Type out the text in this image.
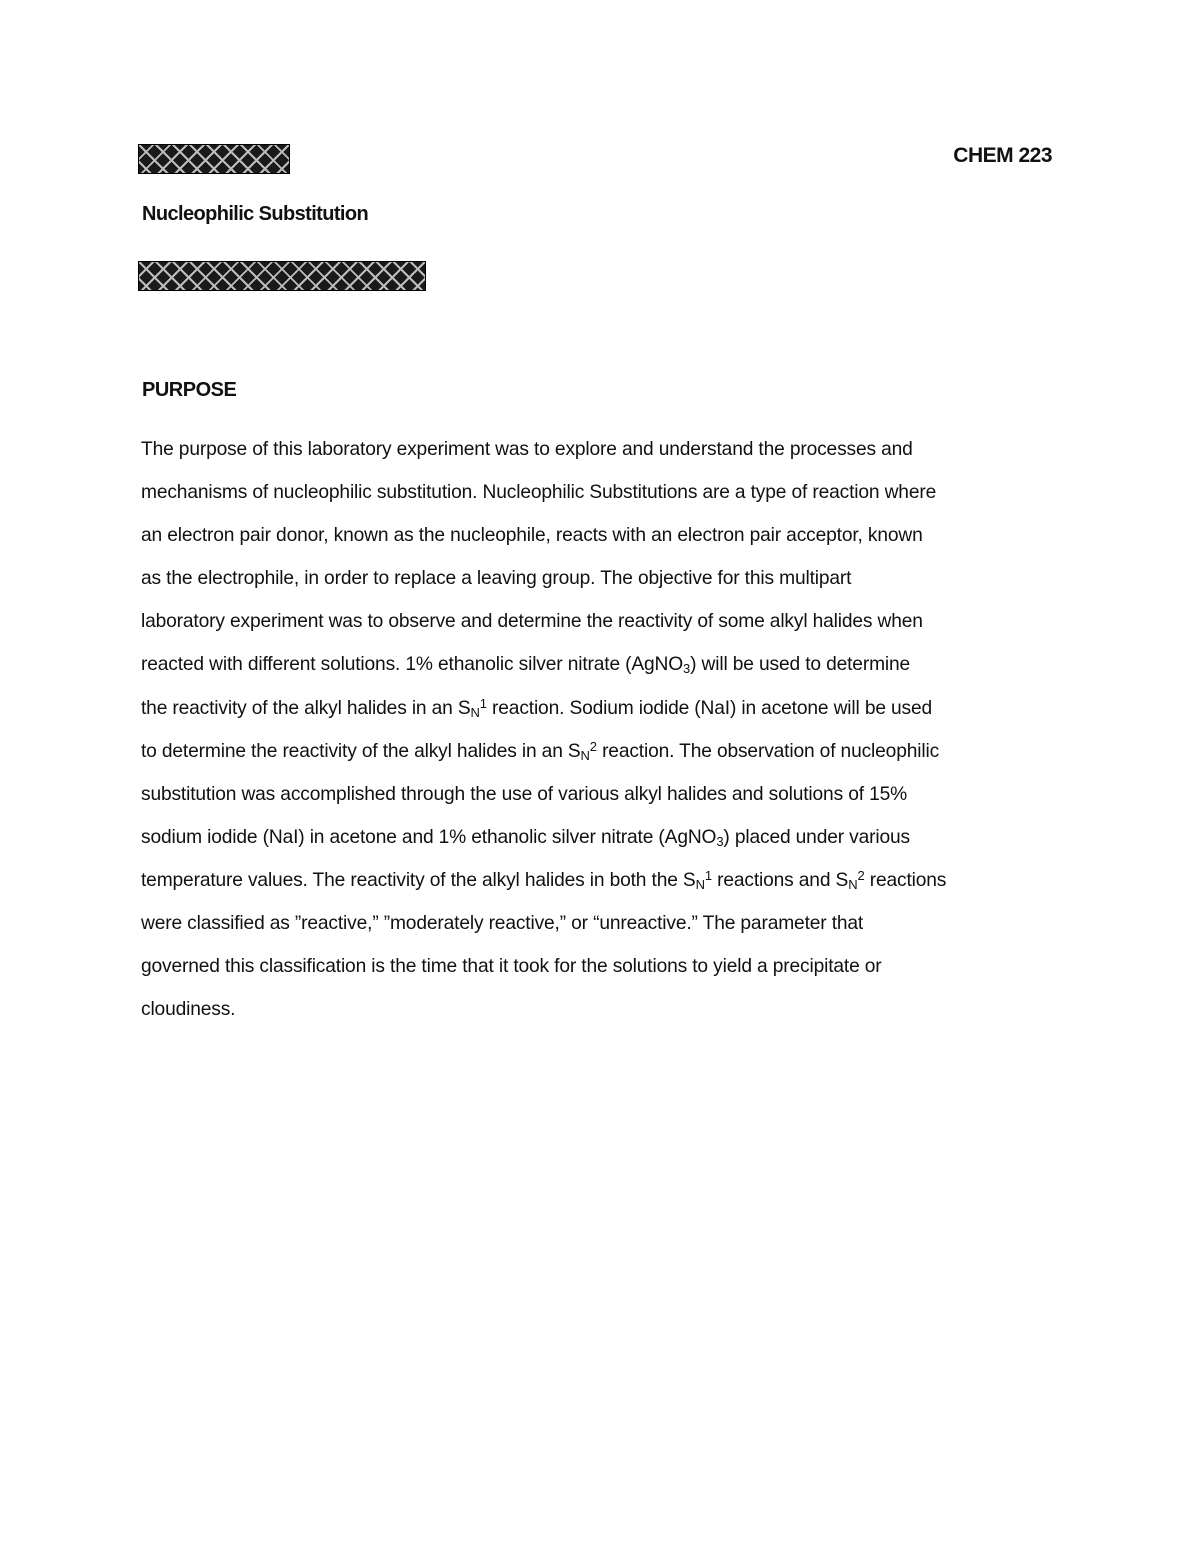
CHEM 223
Nucleophilic Substitution
PURPOSE
The purpose of this laboratory experiment was to explore and understand the processes and
mechanisms of nucleophilic substitution. Nucleophilic Substitutions are a type of reaction where
an electron pair donor, known as the nucleophile, reacts with an electron pair acceptor, known
as the electrophile, in order to replace a leaving group. The objective for this multipart
laboratory experiment was to observe and determine the reactivity of some alkyl halides when
reacted with different solutions. 1% ethanolic silver nitrate (AgNO$_3$) will be used to determine
the reactivity of the alkyl halides in an $S_N^1$ reaction. Sodium iodide (NaI) in acetone will be used
to determine the reactivity of the alkyl halides in an $S_N^2$ reaction. The observation of nucleophilic
substitution was accomplished through the use of various alkyl halides and solutions of 15%
sodium iodide (NaI) in acetone and 1% ethanolic silver nitrate (AgNO$_3$) placed under various
temperature values. The reactivity of the alkyl halides in both the $S_N^1$ reactions and $S_N^2$ reactions
were classified as ”reactive,” ”moderately reactive,” or “unreactive.” The parameter that
governed this classification is the time that it took for the solutions to yield a precipitate or
cloudiness.
